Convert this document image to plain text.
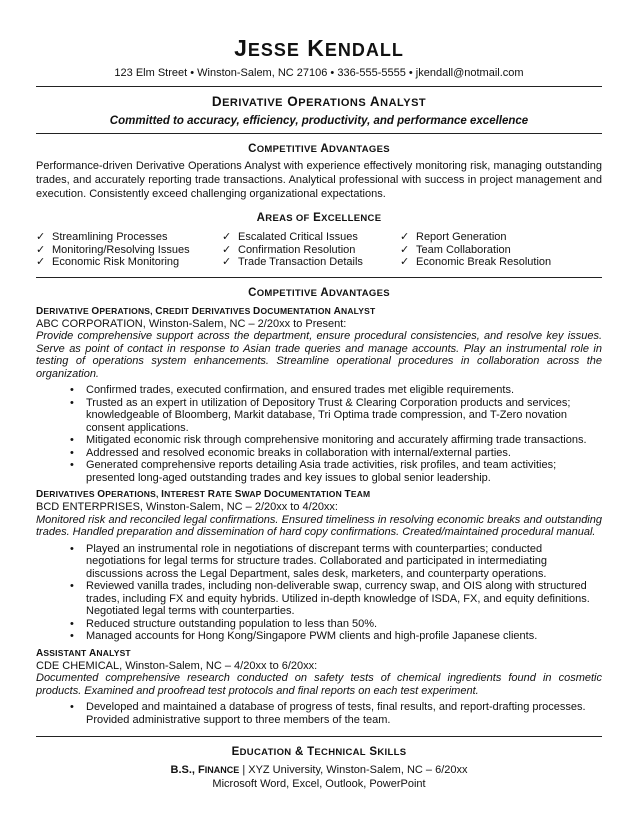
JESSE KENDALL
123 Elm Street • Winston-Salem, NC 27106 • 336-555-5555 • jkendall@notmail.com
DERIVATIVE OPERATIONS ANALYST
Committed to accuracy, efficiency, productivity, and performance excellence
COMPETITIVE ADVANTAGES
Performance-driven Derivative Operations Analyst with experience effectively monitoring risk, managing outstanding trades, and accurately reporting trade transactions. Analytical professional with success in project management and execution. Consistently exceed challenging organizational expectations.
AREAS OF EXCELLENCE
✓ Streamlining Processes	✓ Escalated Critical Issues	✓ Report Generation
✓ Monitoring/Resolving Issues	✓ Confirmation Resolution	✓ Team Collaboration
✓ Economic Risk Monitoring	✓ Trade Transaction Details	✓ Economic Break Resolution
COMPETITIVE ADVANTAGES
DERIVATIVE OPERATIONS, CREDIT DERIVATIVES DOCUMENTATION ANALYST
ABC CORPORATION, Winston-Salem, NC – 2/20xx to Present:
Provide comprehensive support across the department, ensure procedural consistencies, and resolve key issues. Serve as point of contact in response to Asian trade queries and manage accounts. Play an instrumental role in testing of operations system enhancements. Streamline operational procedures in collaboration across the organization.
• Confirmed trades, executed confirmation, and ensured trades met eligible requirements.
• Trusted as an expert in utilization of Depository Trust & Clearing Corporation products and services; knowledgeable of Bloomberg, Markit database, Tri Optima trade compression, and T-Zero novation consent applications.
• Mitigated economic risk through comprehensive monitoring and accurately affirming trade transactions.
• Addressed and resolved economic breaks in collaboration with internal/external parties.
• Generated comprehensive reports detailing Asia trade activities, risk profiles, and team activities; presented long-aged outstanding trades and key issues to global senior leadership.
DERIVATIVES OPERATIONS, INTEREST RATE SWAP DOCUMENTATION TEAM
BCD ENTERPRISES, Winston-Salem, NC – 2/20xx to 4/20xx:
Monitored risk and reconciled legal confirmations. Ensured timeliness in resolving economic breaks and outstanding trades. Handled preparation and dissemination of hard copy confirmations. Created/maintained procedural manual.
• Played an instrumental role in negotiations of discrepant terms with counterparties; conducted negotiations for legal terms for structure trades. Collaborated and participated in intermediating discussions across the Legal Department, sales desk, marketers, and counterparty operations.
• Reviewed vanilla trades, including non-deliverable swap, currency swap, and OIS along with structured trades, including FX and equity hybrids. Utilized in-depth knowledge of ISDA, FX, and equity definitions. Negotiated legal terms with counterparties.
• Reduced structure outstanding population to less than 50%.
• Managed accounts for Hong Kong/Singapore PWM clients and high-profile Japanese clients.
ASSISTANT ANALYST
CDE CHEMICAL, Winston-Salem, NC – 4/20xx to 6/20xx:
Documented comprehensive research conducted on safety tests of chemical ingredients found in cosmetic products. Examined and proofread test protocols and final reports on each test experiment.
• Developed and maintained a database of progress of tests, final results, and report-drafting processes. Provided administrative support to three members of the team.
EDUCATION & TECHNICAL SKILLS
B.S., FINANCE | XYZ University, Winston-Salem, NC – 6/20xx
Microsoft Word, Excel, Outlook, PowerPoint
